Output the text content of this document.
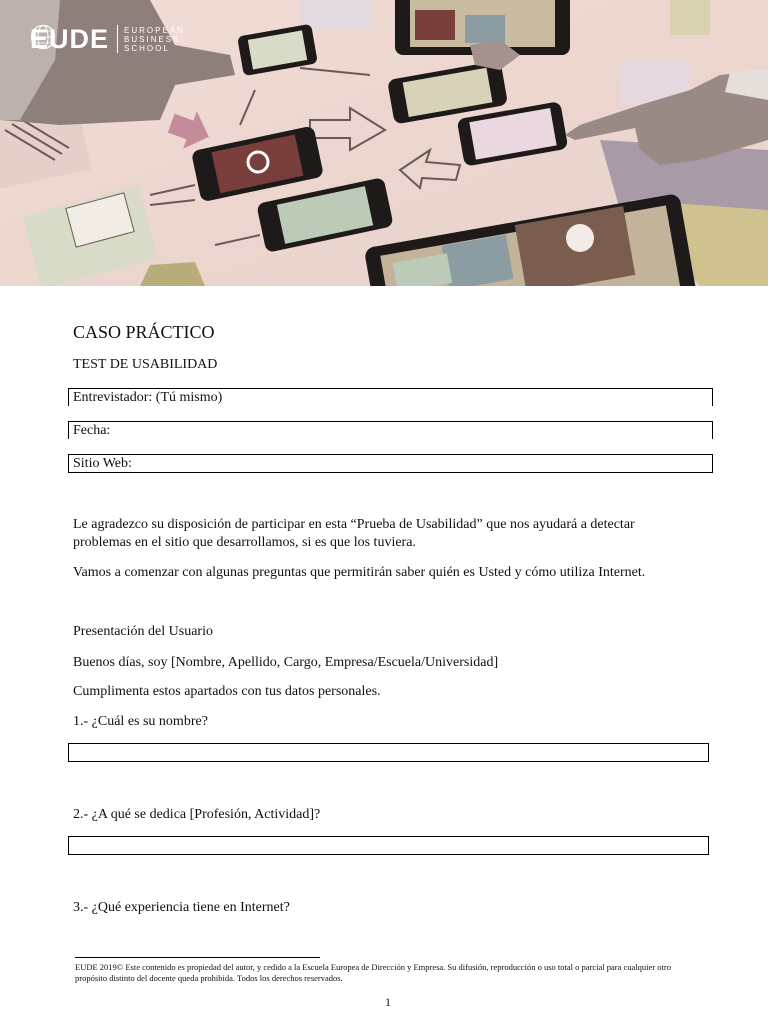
EUDE EUROPEAN
BUSINESS
SCHOOL
CASO PRÁCTICO
TEST DE USABILIDAD
Entrevistador: (Tú mismo)
Fecha:
Sitio Web:
Le agradezco su disposición de participar en esta “Prueba de Usabilidad” que nos ayudará a detectar problemas en el sitio que desarrollamos, si es que los tuviera.
Vamos a comenzar con algunas preguntas que permitirán saber quién es Usted y cómo utiliza Internet.
Presentación del Usuario
Buenos días, soy [Nombre, Apellido, Cargo, Empresa/Escuela/Universidad]
Cumplimenta estos apartados con tus datos personales.
1.- ¿Cuál es su nombre?
2.- ¿A qué se dedica [Profesión, Actividad]?
3.- ¿Qué experiencia tiene en Internet?
EUDE 2019© Este contenido es propiedad del autor, y cedido a la Escuela Europea de Dirección y Empresa. Su difusión, reproducción o uso total o parcial para cualquier otro propósito distinto del docente queda prohibida. Todos los derechos reservados.
1
